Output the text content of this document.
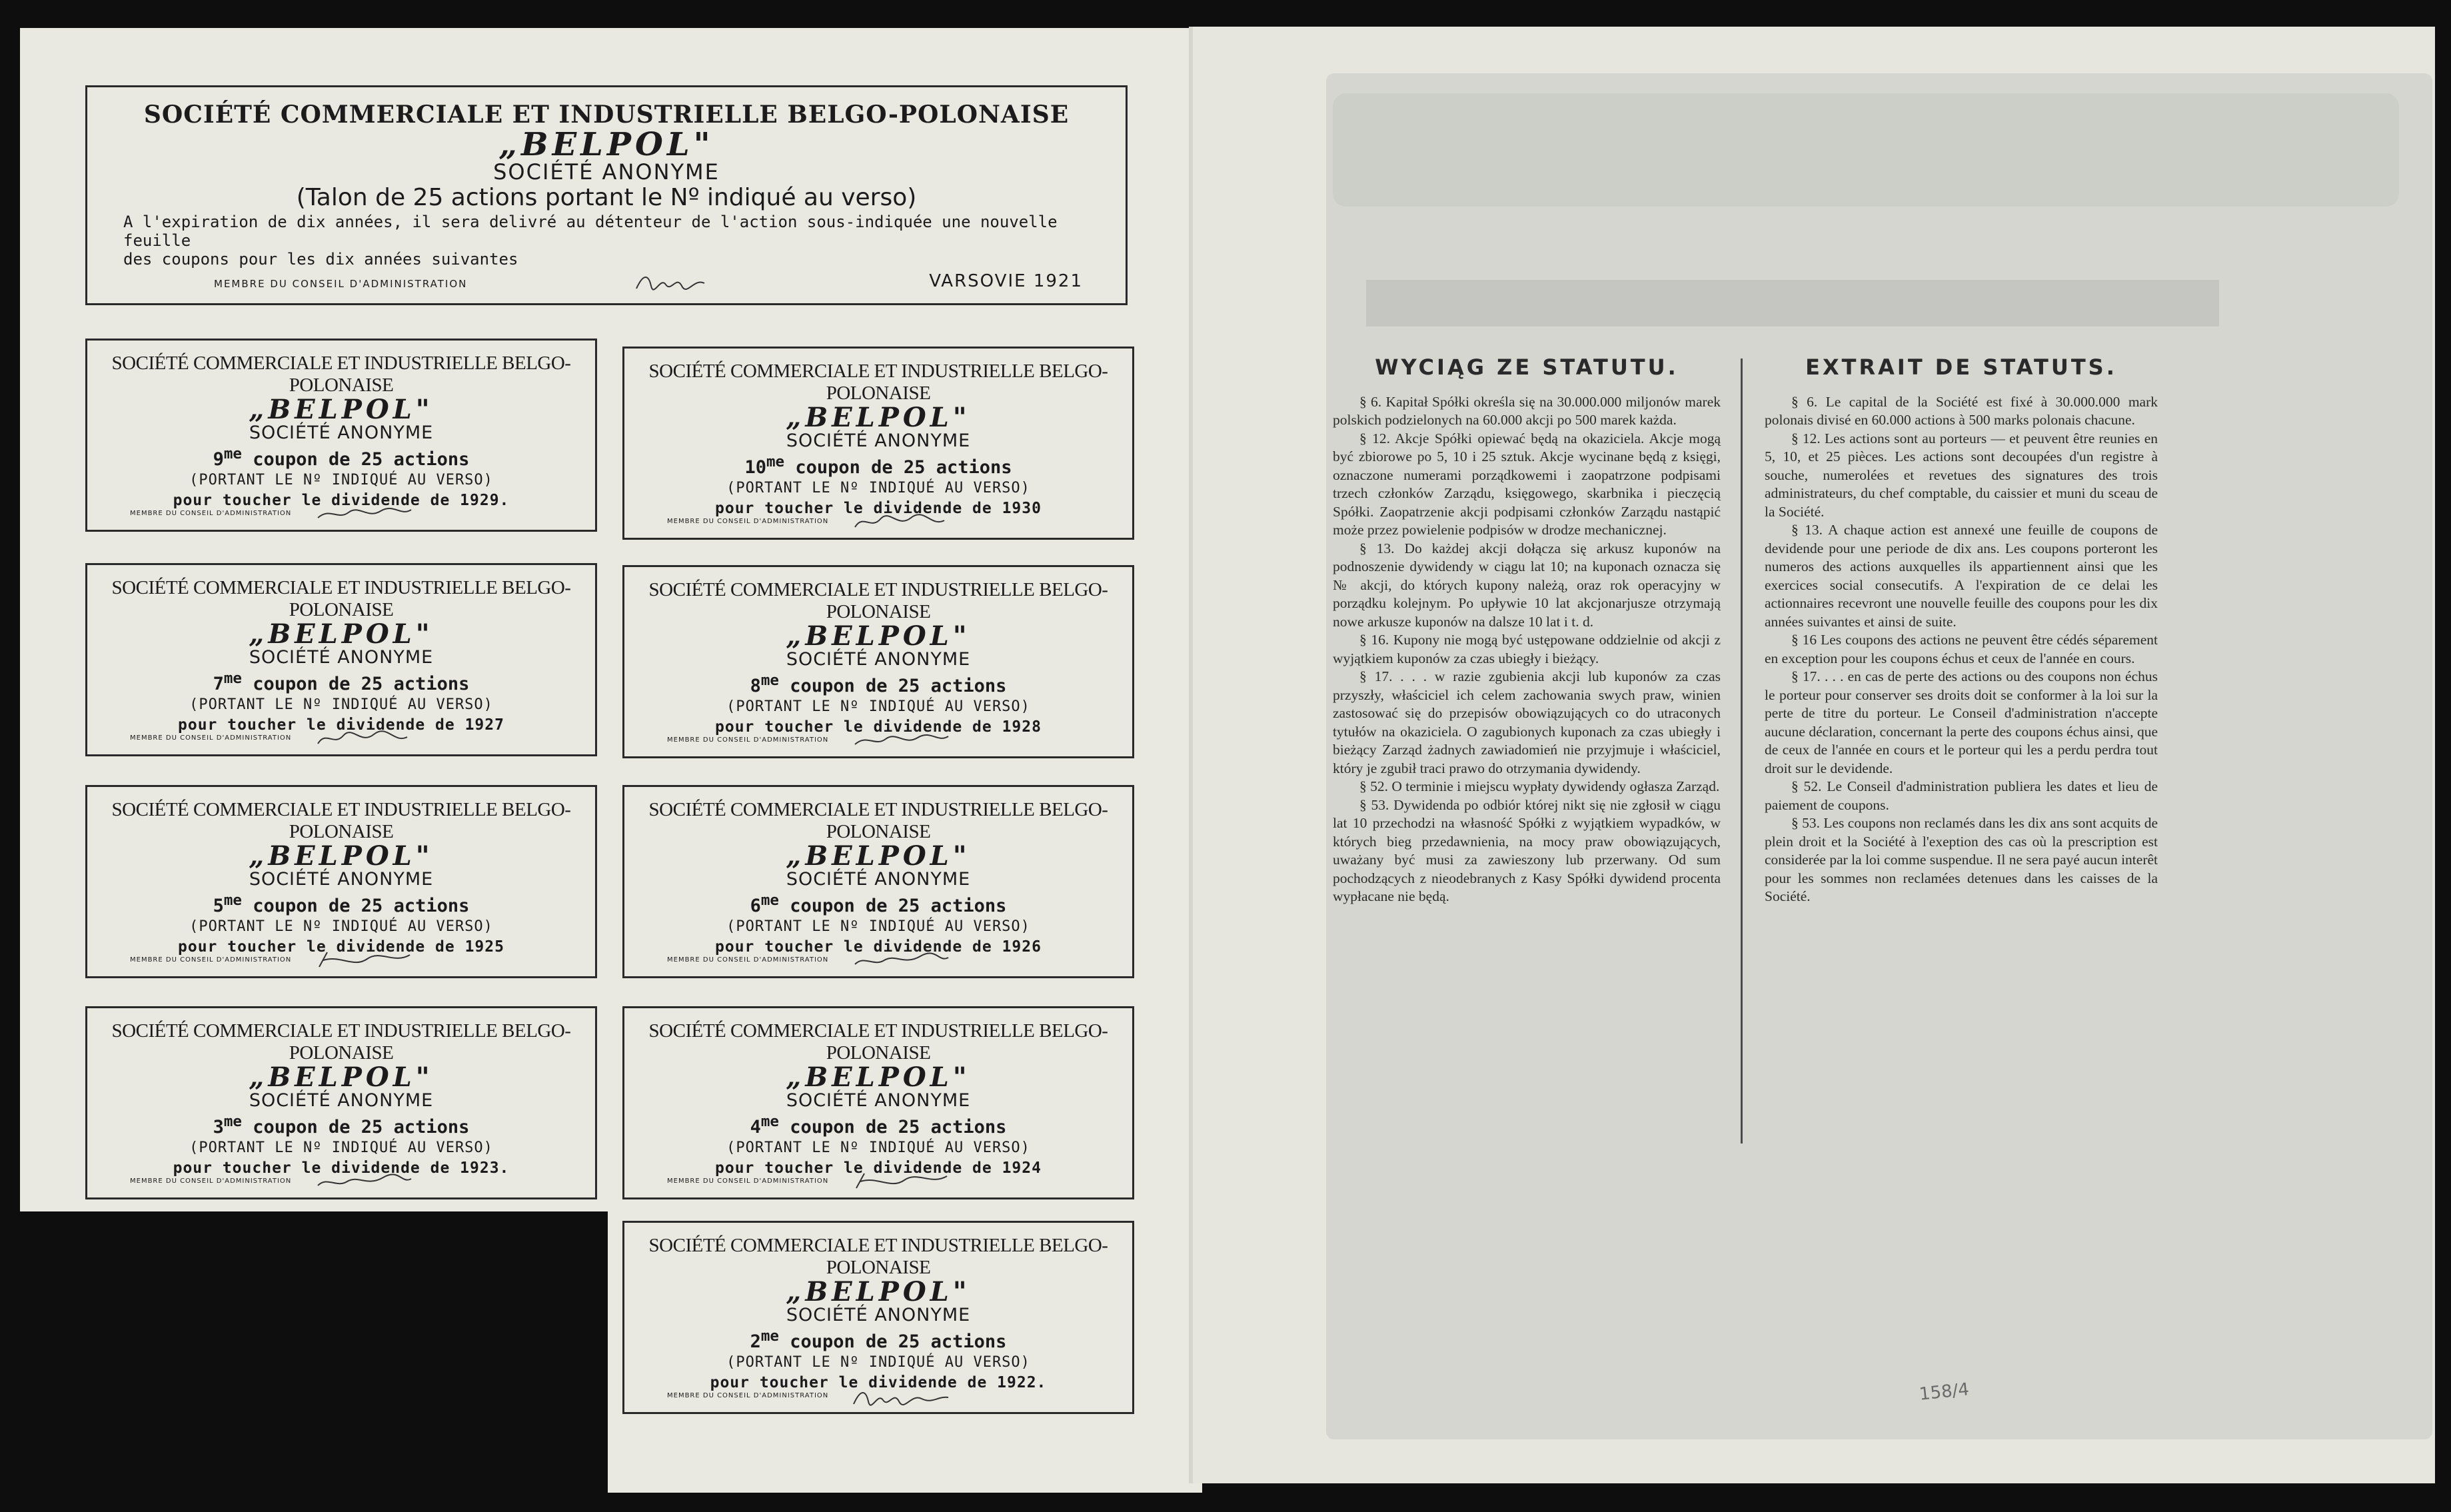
SOCIÉTÉ COMMERCIALE ET INDUSTRIELLE BELGO-POLONAISE
„BELPOL"
SOCIÉTÉ ANONYME
(Talon de 25 actions portant le Nº indiqué au verso)
A l'expiration de dix années, il sera delivré au détenteur de l'action sous-indiquée une nouvelle feuille
des coupons pour les dix années suivantes
MEMBRE DU CONSEIL D'ADMINISTRATION	VARSOVIE 1921
SOCIÉTÉ COMMERCIALE ET INDUSTRIELLE BELGO-POLONAISE
„BELPOL"
SOCIÉTÉ ANONYME
$9^{me}$ coupon de 25 actions
(PORTANT LE Nº INDIQUÉ AU VERSO)
pour toucher le dividende de 1929.
MEMBRE DU CONSEIL D'ADMINISTRATION
SOCIÉTÉ COMMERCIALE ET INDUSTRIELLE BELGO-POLONAISE
„BELPOL"
SOCIÉTÉ ANONYME
$10^{me}$ coupon de 25 actions
(PORTANT LE Nº INDIQUÉ AU VERSO)
pour toucher le dividende de 1930
MEMBRE DU CONSEIL D'ADMINISTRATION
SOCIÉTÉ COMMERCIALE ET INDUSTRIELLE BELGO-POLONAISE
„BELPOL"
SOCIÉTÉ ANONYME
$7^{me}$ coupon de 25 actions
(PORTANT LE Nº INDIQUÉ AU VERSO)
pour toucher le dividende de 1927
MEMBRE DU CONSEIL D'ADMINISTRATION
SOCIÉTÉ COMMERCIALE ET INDUSTRIELLE BELGO-POLONAISE
„BELPOL"
SOCIÉTÉ ANONYME
$8^{me}$ coupon de 25 actions
(PORTANT LE Nº INDIQUÉ AU VERSO)
pour toucher le dividende de 1928
MEMBRE DU CONSEIL D'ADMINISTRATION
SOCIÉTÉ COMMERCIALE ET INDUSTRIELLE BELGO-POLONAISE
„BELPOL"
SOCIÉTÉ ANONYME
$5^{me}$ coupon de 25 actions
(PORTANT LE Nº INDIQUÉ AU VERSO)
pour toucher le dividende de 1925
MEMBRE DU CONSEIL D'ADMINISTRATION
SOCIÉTÉ COMMERCIALE ET INDUSTRIELLE BELGO-POLONAISE
„BELPOL"
SOCIÉTÉ ANONYME
$6^{me}$ coupon de 25 actions
(PORTANT LE Nº INDIQUÉ AU VERSO)
pour toucher le dividende de 1926
MEMBRE DU CONSEIL D'ADMINISTRATION
SOCIÉTÉ COMMERCIALE ET INDUSTRIELLE BELGO-POLONAISE
„BELPOL"
SOCIÉTÉ ANONYME
$3^{me}$ coupon de 25 actions
(PORTANT LE Nº INDIQUÉ AU VERSO)
pour toucher le dividende de 1923.
MEMBRE DU CONSEIL D'ADMINISTRATION
SOCIÉTÉ COMMERCIALE ET INDUSTRIELLE BELGO-POLONAISE
„BELPOL"
SOCIÉTÉ ANONYME
$4^{me}$ coupon de 25 actions
(PORTANT LE Nº INDIQUÉ AU VERSO)
pour toucher le dividende de 1924
MEMBRE DU CONSEIL D'ADMINISTRATION
SOCIÉTÉ COMMERCIALE ET INDUSTRIELLE BELGO-POLONAISE
„BELPOL"
SOCIÉTÉ ANONYME
$2^{me}$ coupon de 25 actions
(PORTANT LE Nº INDIQUÉ AU VERSO)
pour toucher le dividende de 1922.
MEMBRE DU CONSEIL D'ADMINISTRATION
WYCIĄG ZE STATUTU.

§ 6. Kapitał Spółki określa się na 30.000.000 miljonów marek polskich podzielonych na 60.000 akcji po 500 marek każda.

§ 12. Akcje Spółki opiewać będą na okaziciela. Akcje mogą być zbiorowe po 5, 10 i 25 sztuk. Akcje wycinane będą z księgi, oznaczone numerami porządkowemi i zaopatrzone podpisami trzech członków Zarządu, księgowego, skarbnika i pieczęcią Spółki. Zaopatrzenie akcji podpisami członków Zarządu nastąpić może przez powielenie podpisów w drodze mechanicznej.

§ 13. Do każdej akcji dołącza się arkusz kuponów na podnoszenie dywidendy w ciągu lat 10; na kuponach oznacza się № akcji, do których kupony należą, oraz rok operacyjny w porządku kolejnym. Po upływie 10 lat akcjonarjusze otrzymają nowe arkusze kuponów na dalsze 10 lat i t. d.

§ 16. Kupony nie mogą być ustępowane oddzielnie od akcji z wyjątkiem kuponów za czas ubiegły i bieżący.

§ 17. . . . w razie zgubienia akcji lub kuponów za czas przyszły, właściciel ich celem zachowania swych praw, winien zastosować się do przepisów obowiązujących co do utraconych tytułów na okaziciela. O zagubionych kuponach za czas ubiegły i bieżący Zarząd żadnych zawiadomień nie przyjmuje i właściciel, który je zgubił traci prawo do otrzymania dywidendy.

§ 52. O terminie i miejscu wypłaty dywidendy ogłasza Zarząd.

§ 53. Dywidenda po odbiór której nikt się nie zgłosił w ciągu lat 10 przechodzi na własność Spółki z wyjątkiem wypadków, w których bieg przedawnienia, na mocy praw obowiązujących, uważany być musi za zawieszony lub przerwany. Od sum pochodzących z nieodebranych z Kasy Spółki dywidend procenta wypłacane nie będą.

EXTRAIT DE STATUTS.

§ 6. Le capital de la Société est fixé à 30.000.000 mark polonais divisé en 60.000 actions à 500 marks polonais chacune.

§ 12. Les actions sont au porteurs — et peuvent être reunies en 5, 10, et 25 pièces. Les actions sont decoupées d'un registre à souche, numerolées et revetues des signatures des trois administrateurs, du chef comptable, du caissier et muni du sceau de la Société.

§ 13. A chaque action est annexé une feuille de coupons de devidende pour une periode de dix ans. Les coupons porteront les numeros des actions auxquelles ils appartiennent ainsi que les exercices social consecutifs. A l'expiration de ce delai les actionnaires recevront une nouvelle feuille des coupons pour les dix années suivantes et ainsi de suite.

§ 16 Les coupons des actions ne peuvent être cédés séparement en exception pour les coupons échus et ceux de l'année en cours.

§ 17. . . . en cas de perte des actions ou des coupons non échus le porteur pour conserver ses droits doit se conformer à la loi sur la perte de titre du porteur. Le Conseil d'administration n'accepte aucune déclaration, concernant la perte des coupons échus ainsi, que de ceux de l'année en cours et le porteur qui les a perdu perdra tout droit sur le devidende.

§ 52. Le Conseil d'administration publiera les dates et lieu de paiement de coupons.

§ 53. Les coupons non reclamés dans les dix ans sont acquits de plein droit et la Société à l'exeption des cas où la prescription est considerée par la loi comme suspendue. Il ne sera payé aucun interêt pour les sommes non reclamées detenues dans les caisses de la Société.

158/4
